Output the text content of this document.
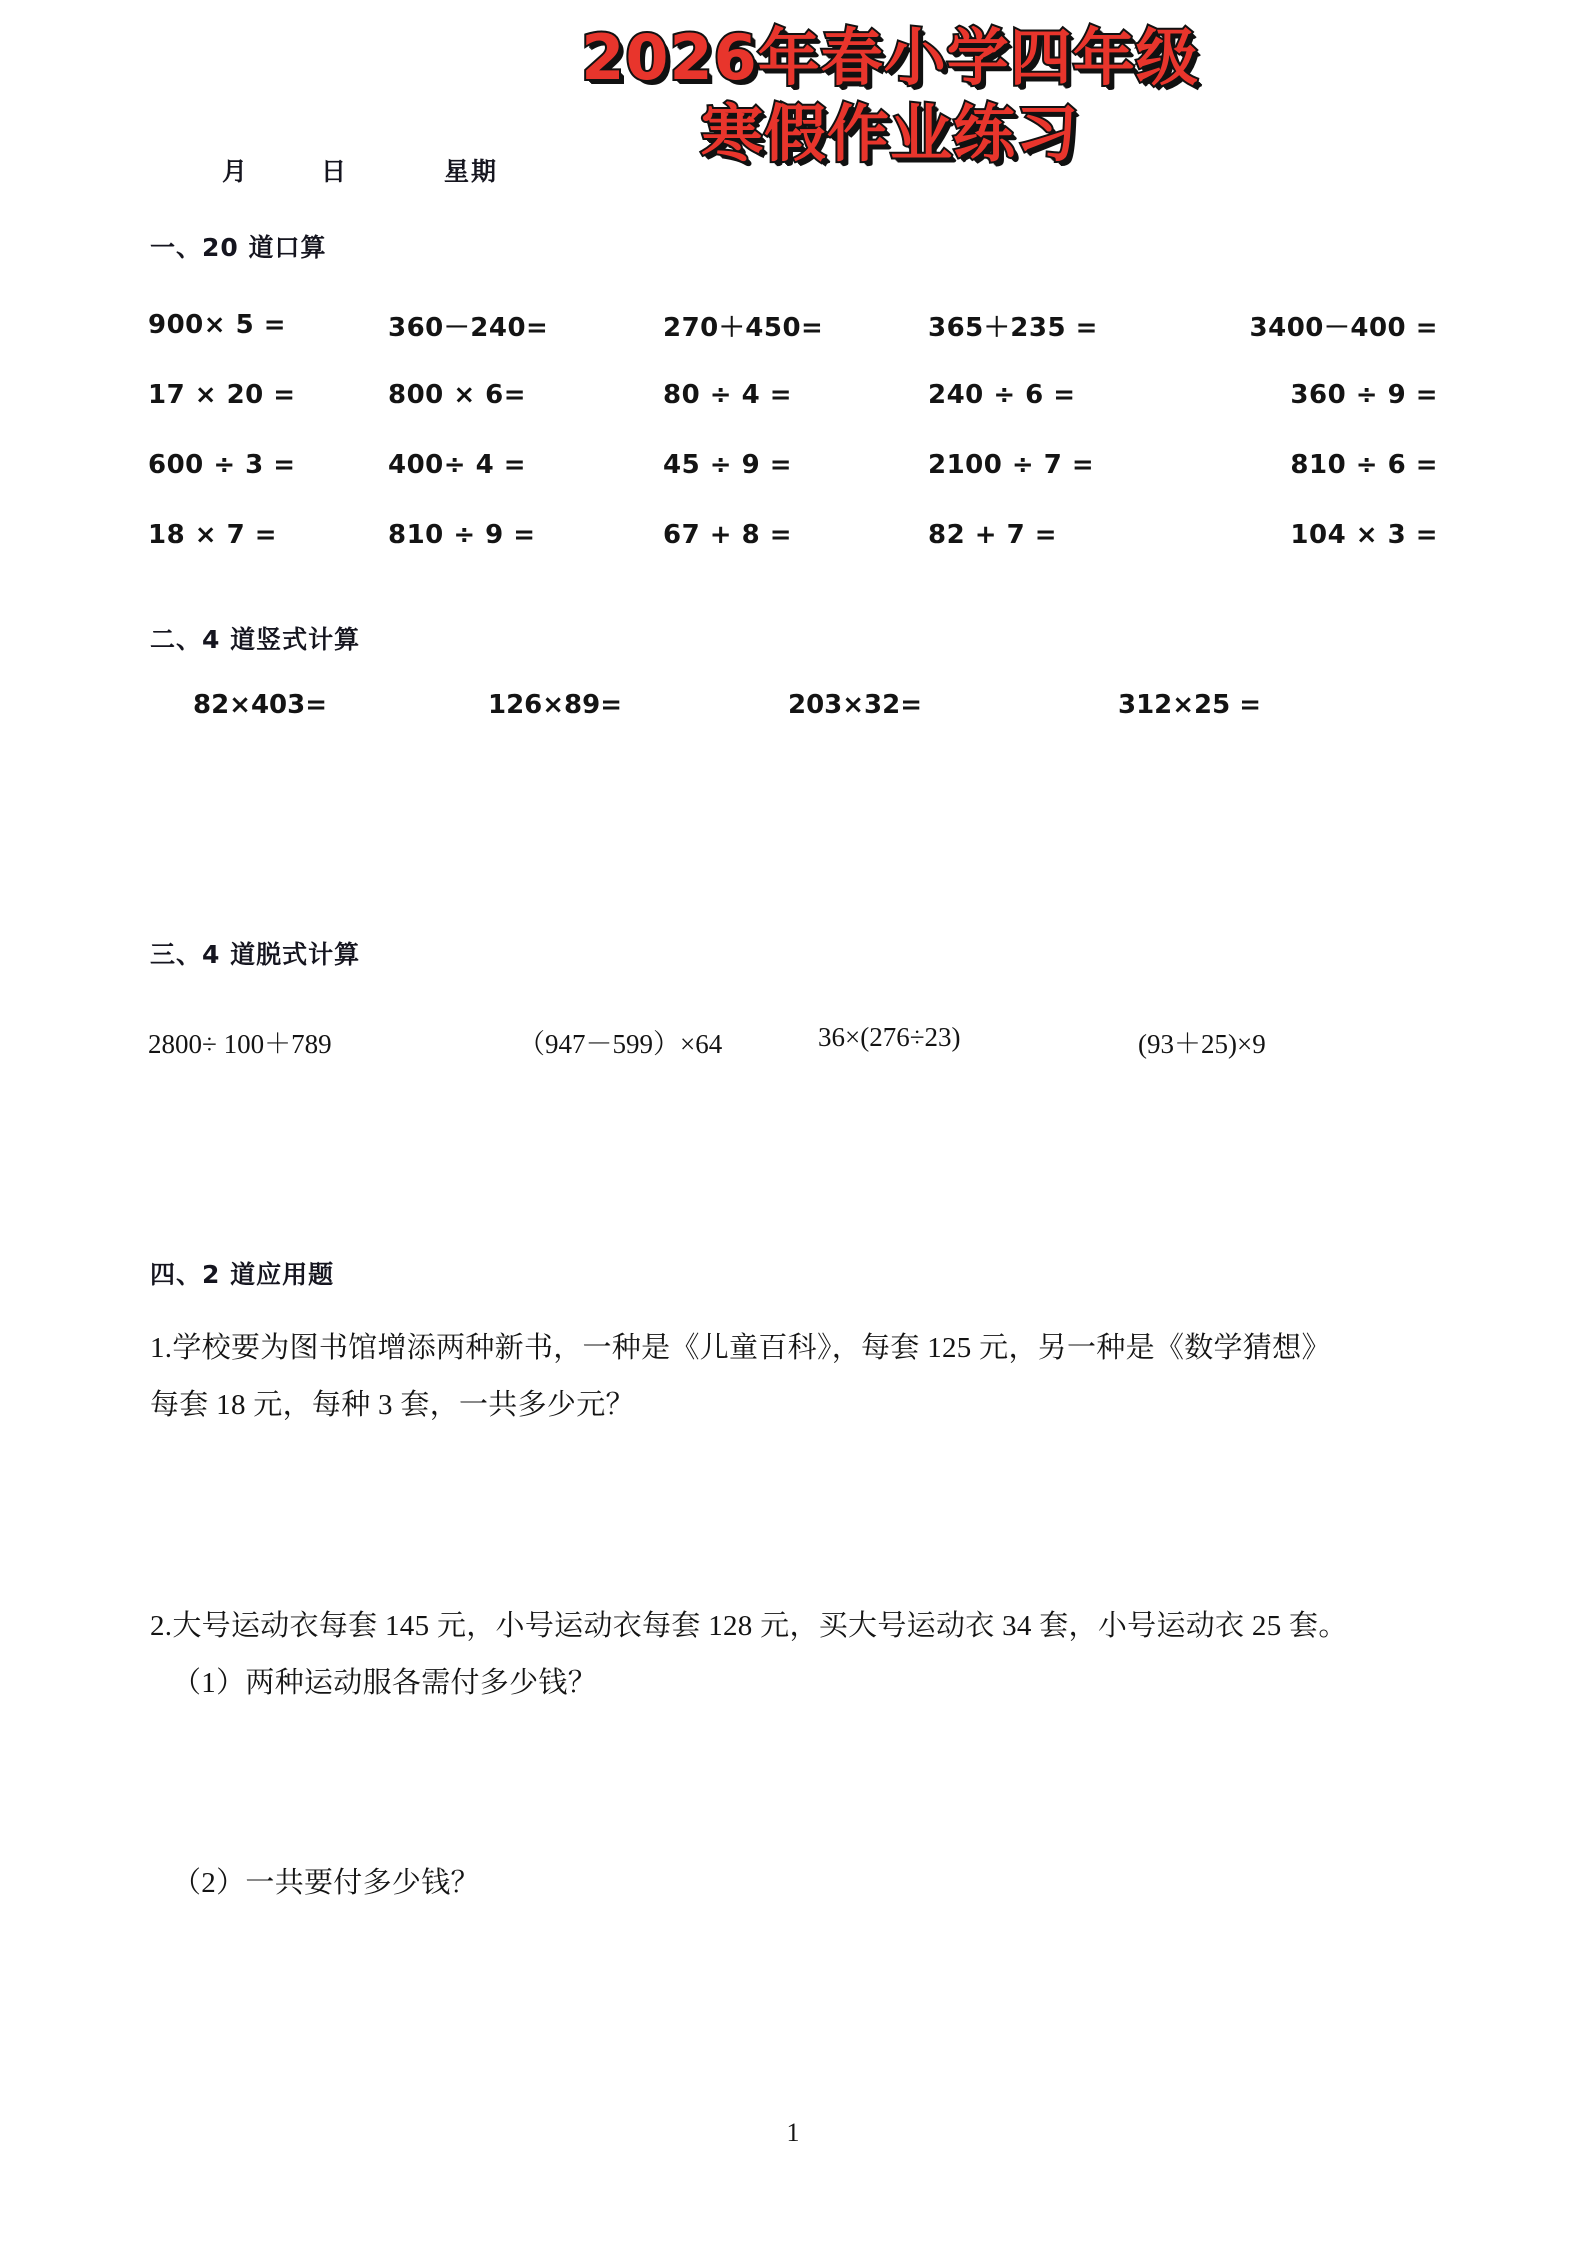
2026年春小学四年级
寒假作业练习
月	日	星期
一、20 道口算
900× 5 =	360－240=	270＋450=	365＋235 =	3400－400 =
17 × 20 =	800 × 6=	80 ÷ 4 =	240 ÷ 6 =	360 ÷ 9 =
600 ÷ 3 =	400÷ 4 =	45 ÷ 9 =	2100 ÷ 7 =	810 ÷ 6 =
18 × 7 =	810 ÷ 9 =	67 + 8 =	82 + 7 =	104 × 3 =
二、4 道竖式计算
82×403=	126×89=	203×32=	312×25 =
三、4 道脱式计算
2800÷ 100＋789	（947－599）×64	36×(276÷23)	(93＋25)×9
四、2 道应用题
1.学校要为图书馆增添两种新书，一种是《儿童百科》，每套 125 元，另一种是《数学猜想》
每套 18 元，每种 3 套，一共多少元？
2.大号运动衣每套 145 元，小号运动衣每套 128 元，买大号运动衣 34 套，小号运动衣 25 套。
（1）两种运动服各需付多少钱？
（2）一共要付多少钱？
1
